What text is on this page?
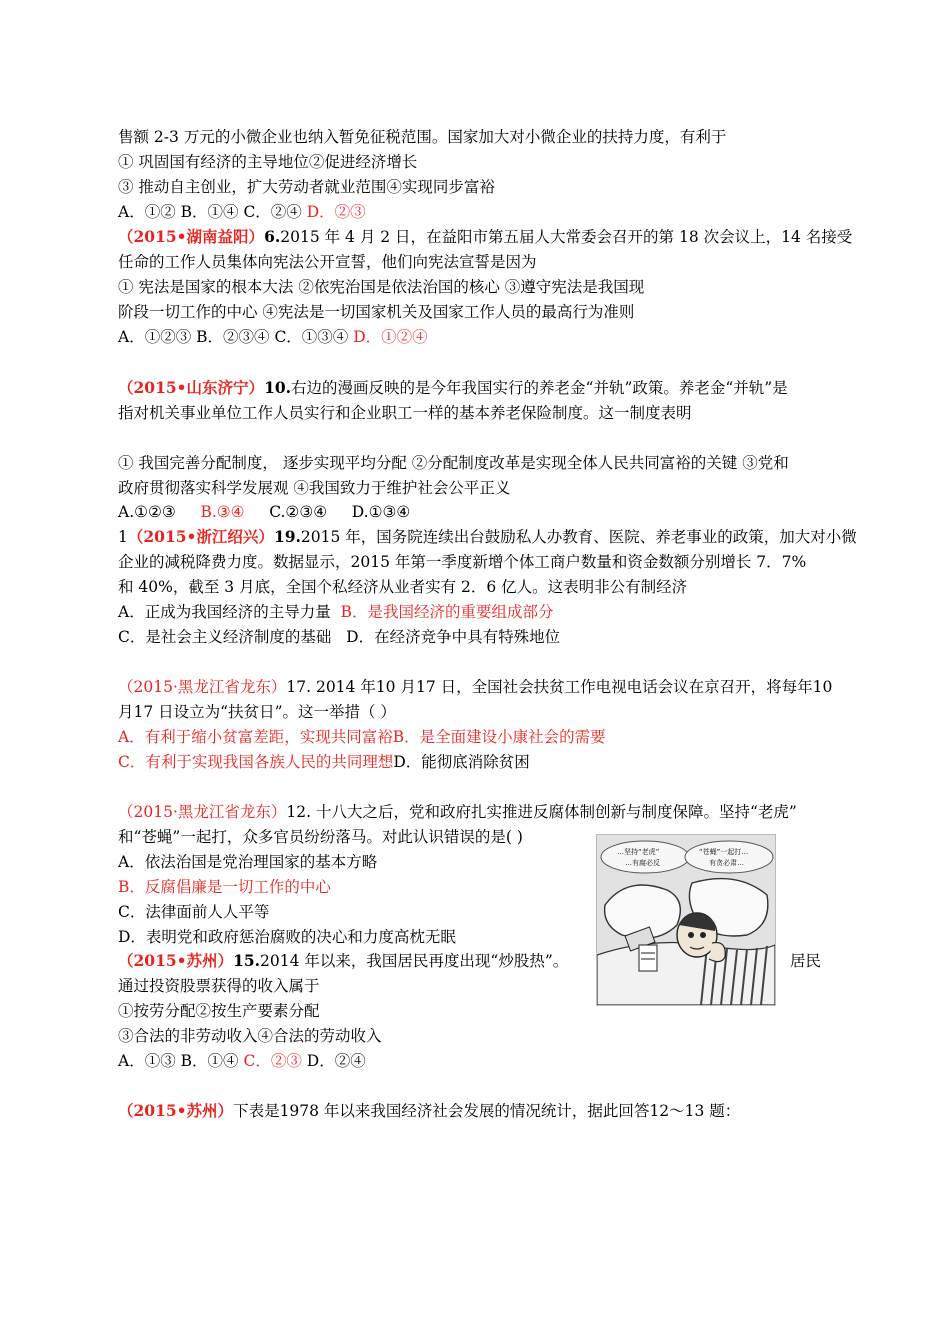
售额 2-3 万元的小微企业也纳入暂免征税范围。国家加大对小微企业的扶持力度，有利于
① 巩固国有经济的主导地位②促进经济增长
③ 推动自主创业，扩大劳动者就业范围④实现同步富裕
A．①② B．①④ C．②④ D．②③
（2015•湖南益阳）6.2015 年 4 月 2 日，在益阳市第五届人大常委会召开的第 18 次会议上，14 名接受
任命的工作人员集体向宪法公开宣誓，他们向宪法宣誓是因为
① 宪法是国家的根本大法 ②依宪治国是依法治国的核心 ③遵守宪法是我国现
阶段一切工作的中心 ④宪法是一切国家机关及国家工作人员的最高行为准则
A．①②③ B．②③④ C．①③④ D．①②④
（2015•山东济宁）10.右边的漫画反映的是今年我国实行的养老金“并轨”政策。养老金“并轨”是
指对机关事业单位工作人员实行和企业职工一样的基本养老保险制度。这一制度表明
① 我国完善分配制度， 逐步实现平均分配 ②分配制度改革是实现全体人民共同富裕的关键 ③党和
政府贯彻落实科学发展观 ④我国致力于维护社会公平正义
A.①②③ B.③④ C.②③④ D.①③④
1（2015•浙江绍兴）19.2015 年，国务院连续出台鼓励私人办教育、医院、养老事业的政策，加大对小微
企业的减税降费力度。数据显示，2015 年第一季度新增个体工商户数量和资金数额分别增长 7．7%
和 40%，截至 3 月底，全国个私经济从业者实有 2．6 亿人。这表明非公有制经济
A．正成为我国经济的主导力量 B．是我国经济的重要组成部分
C．是社会主义经济制度的基础 D．在经济竞争中具有特殊地位
（2015·黑龙江省龙东）17. 2014 年10 月17 日，全国社会扶贫工作电视电话会议在京召开，将每年10
月17 日设立为“扶贫日”。这一举措（ ）
A．有利于缩小贫富差距，实现共同富裕B．是全面建设小康社会的需要
C．有利于实现我国各族人民的共同理想D．能彻底消除贫困
（2015·黑龙江省龙东）12. 十八大之后，党和政府扎实推进反腐体制创新与制度保障。坚持“老虎”
和“苍蝇”一起打，众多官员纷纷落马。对此认识错误的是( )
A．依法治国是党治理国家的基本方略
B．反腐倡廉是一切工作的中心
C．法律面前人人平等
D．表明党和政府惩治腐败的决心和力度高枕无眠
（2015•苏州）15.2014 年以来，我国居民再度出现“炒股热”。	居民
通过投资股票获得的收入属于
①按劳分配②按生产要素分配
③合法的非劳动收入④合法的劳动收入
A．①③ B．①④ C．②③ D．②④
（2015•苏州）下表是1978 年以来我国经济社会发展的情况统计，据此回答12～13 题：
…坚持“老虎”
…有腐必反
“苍蝇”一起打…
有贪必肃…
